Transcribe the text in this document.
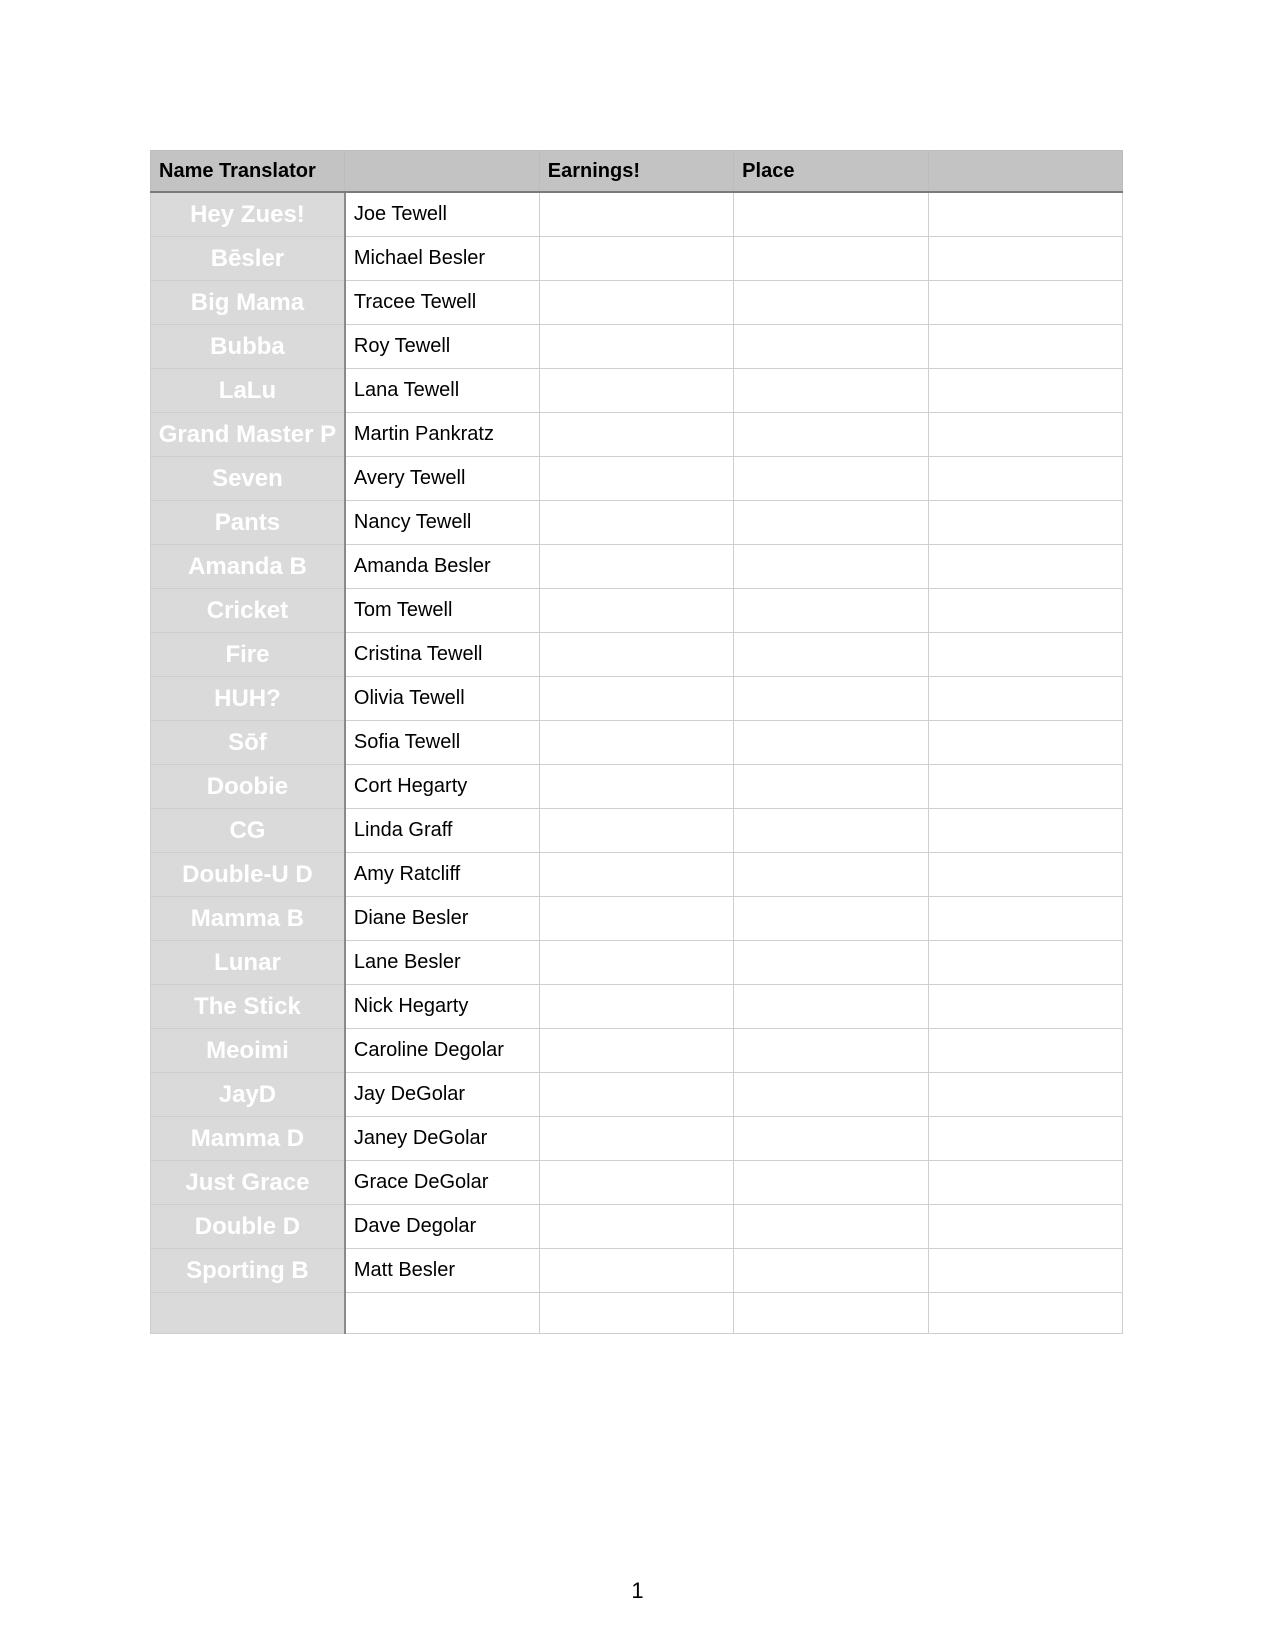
Name Translator		Earnings!	Place	
Hey Zues!	Joe Tewell			
Bēsler	Michael Besler			
Big Mama	Tracee Tewell			
Bubba	Roy Tewell			
LaLu	Lana Tewell			
Grand Master P	Martin Pankratz			
Seven	Avery Tewell			
Pants	Nancy Tewell			
Amanda B	Amanda Besler			
Cricket	Tom Tewell			
Fire	Cristina Tewell			
HUH?	Olivia Tewell			
Sōf	Sofia Tewell			
Doobie	Cort Hegarty			
CG	Linda Graff			
Double-U D	Amy Ratcliff			
Mamma B	Diane Besler			
Lunar	Lane Besler			
The Stick	Nick Hegarty			
Meoimi	Caroline Degolar			
JayD	Jay DeGolar			
Mamma D	Janey DeGolar			
Just Grace	Grace DeGolar			
Double D	Dave Degolar			
Sporting B	Matt Besler			

1
